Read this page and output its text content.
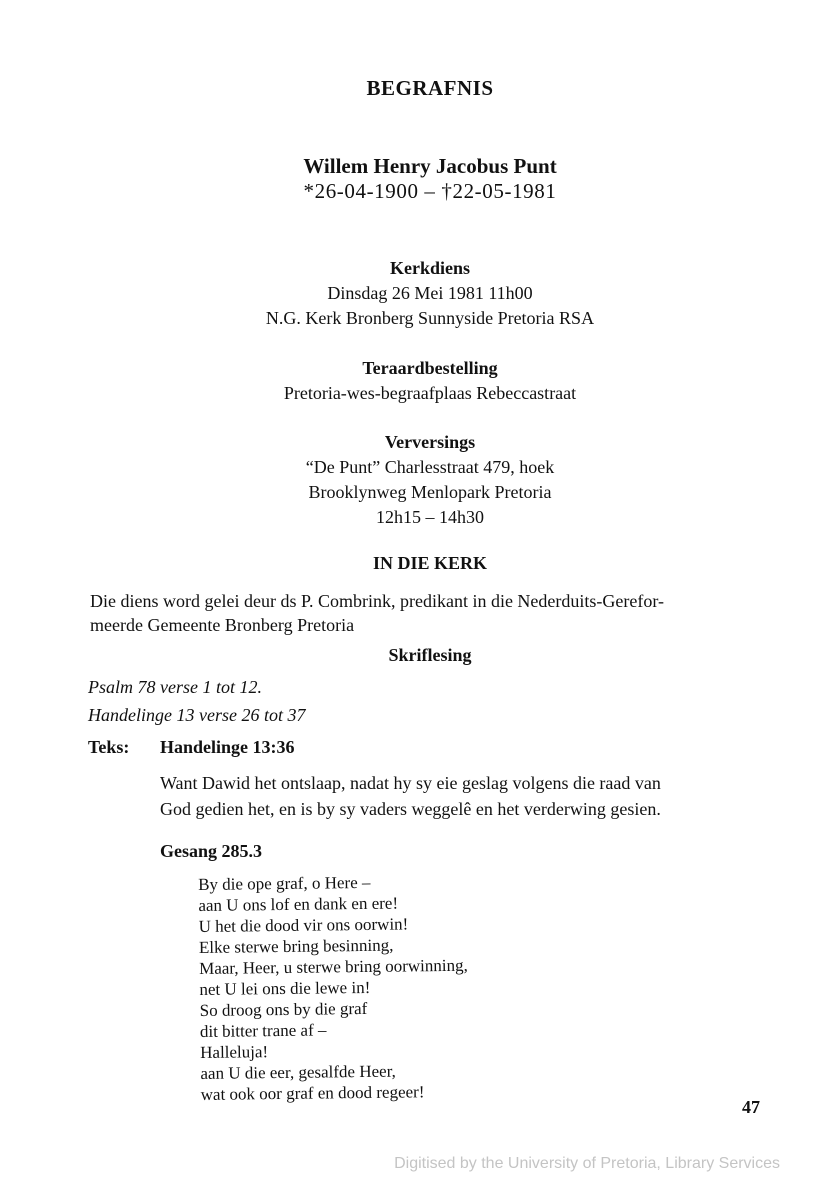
BEGRAFNIS
Willem Henry Jacobus Punt
*26-04-1900 – †22-05-1981
Kerkdiens
Dinsdag 26 Mei 1981 11h00
N.G. Kerk Bronberg Sunnyside Pretoria RSA
Teraardbestelling
Pretoria-wes-begraafplaas Rebeccastraat
Verversings
“De Punt” Charlesstraat 479, hoek
Brooklynweg Menlopark Pretoria
12h15 – 14h30
IN DIE KERK
Die diens word gelei deur ds P. Combrink, predikant in die Nederduits-Gerefor-
meerde Gemeente Bronberg Pretoria
Skriflesing
Psalm 78 verse 1 tot 12.
Handelinge 13 verse 26 tot 37
Teks: Handelinge 13:36
Want Dawid het ontslaap, nadat hy sy eie geslag volgens die raad van
God gedien het, en is by sy vaders weggelê en het verderwing gesien.
Gesang 285.3
By die ope graf, o Here –
aan U ons lof en dank en ere!
U het die dood vir ons oorwin!
Elke sterwe bring besinning,
Maar, Heer, u sterwe bring oorwinning,
net U lei ons die lewe in!
So droog ons by die graf
dit bitter trane af –
Halleluja!
aan U die eer, gesalfde Heer,
wat ook oor graf en dood regeer!
47
Digitised by the University of Pretoria, Library Services
